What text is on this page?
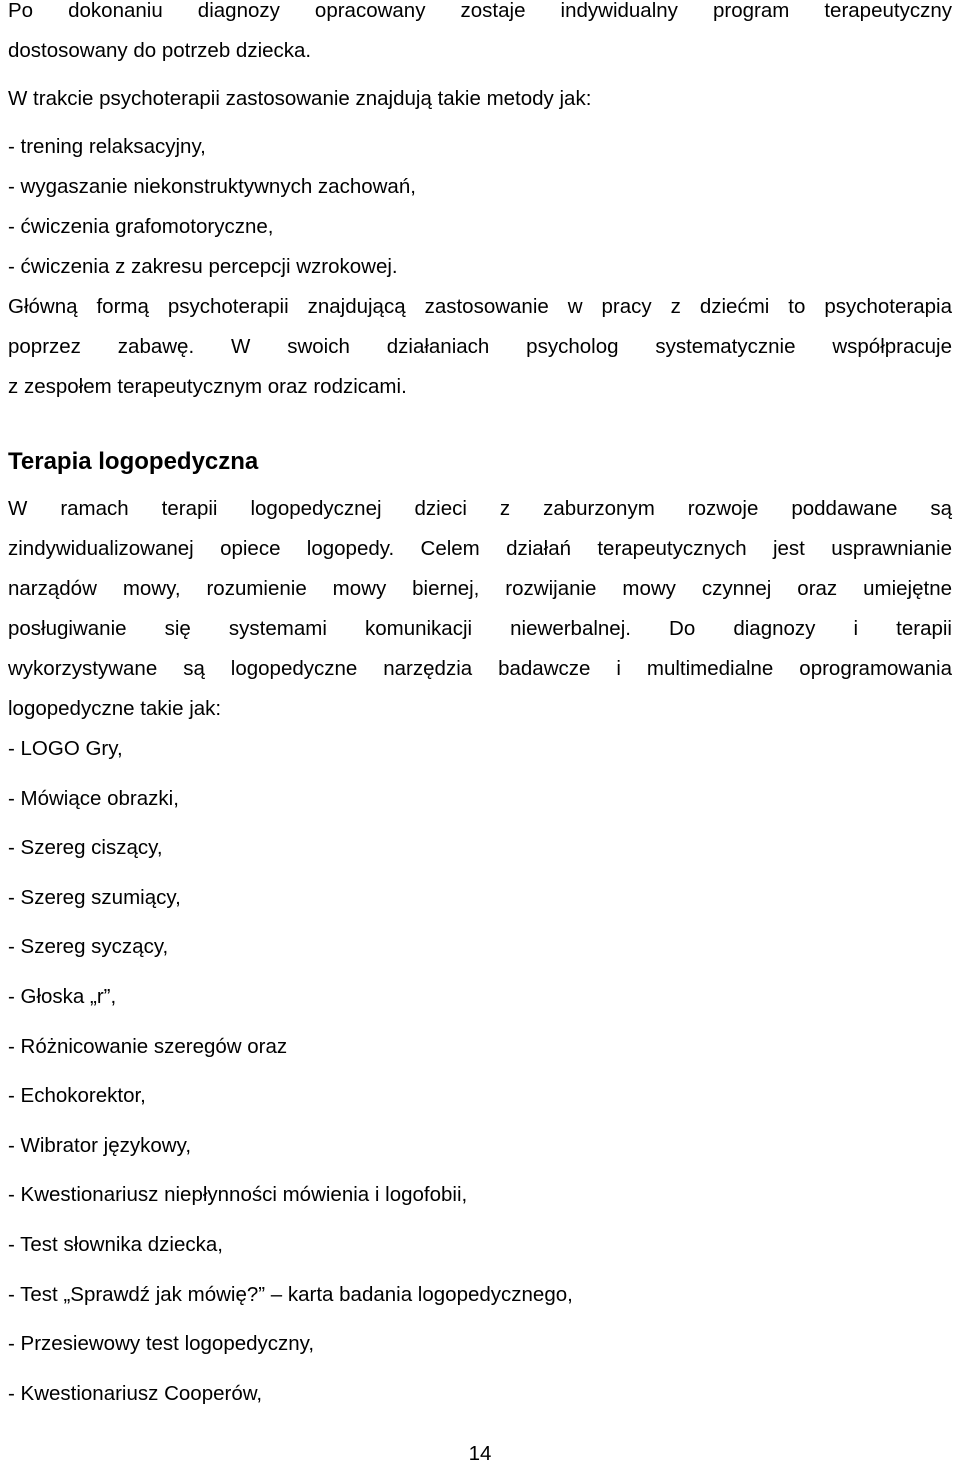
Po dokonaniu diagnozy opracowany zostaje indywidualny program terapeutyczny
dostosowany do potrzeb dziecka.

W trakcie psychoterapii zastosowanie znajdują takie metody jak:
- trening relaksacyjny,
- wygaszanie niekonstruktywnych zachowań,
- ćwiczenia grafomotoryczne,
- ćwiczenia z zakresu percepcji wzrokowej.

Główną formą psychoterapii znajdującą zastosowanie w pracy z dziećmi to psychoterapia
poprzez zabawę. W swoich działaniach psycholog systematycznie współpracuje
z zespołem terapeutycznym oraz rodzicami.

Terapia logopedyczna

W ramach terapii logopedycznej dzieci z zaburzonym rozwoje poddawane są
zindywidualizowanej opiece logopedy. Celem działań terapeutycznych jest usprawnianie
narządów mowy, rozumienie mowy biernej, rozwijanie mowy czynnej oraz umiejętne
posługiwanie się systemami komunikacji niewerbalnej. Do diagnozy i terapii
wykorzystywane są logopedyczne narzędzia badawcze i multimedialne oprogramowania
logopedyczne takie jak:

- LOGO Gry,
- Mówiące obrazki,
- Szereg ciszący,
- Szereg szumiący,
- Szereg syczący,
- Głoska „r”,
- Różnicowanie szeregów oraz
- Echokorektor,
- Wibrator językowy,
- Kwestionariusz niepłynności mówienia i logofobii,
- Test słownika dziecka,
- Test „Sprawdź jak mówię?” – karta badania logopedycznego,
- Przesiewowy test logopedyczny,
- Kwestionariusz Cooperów,
14
